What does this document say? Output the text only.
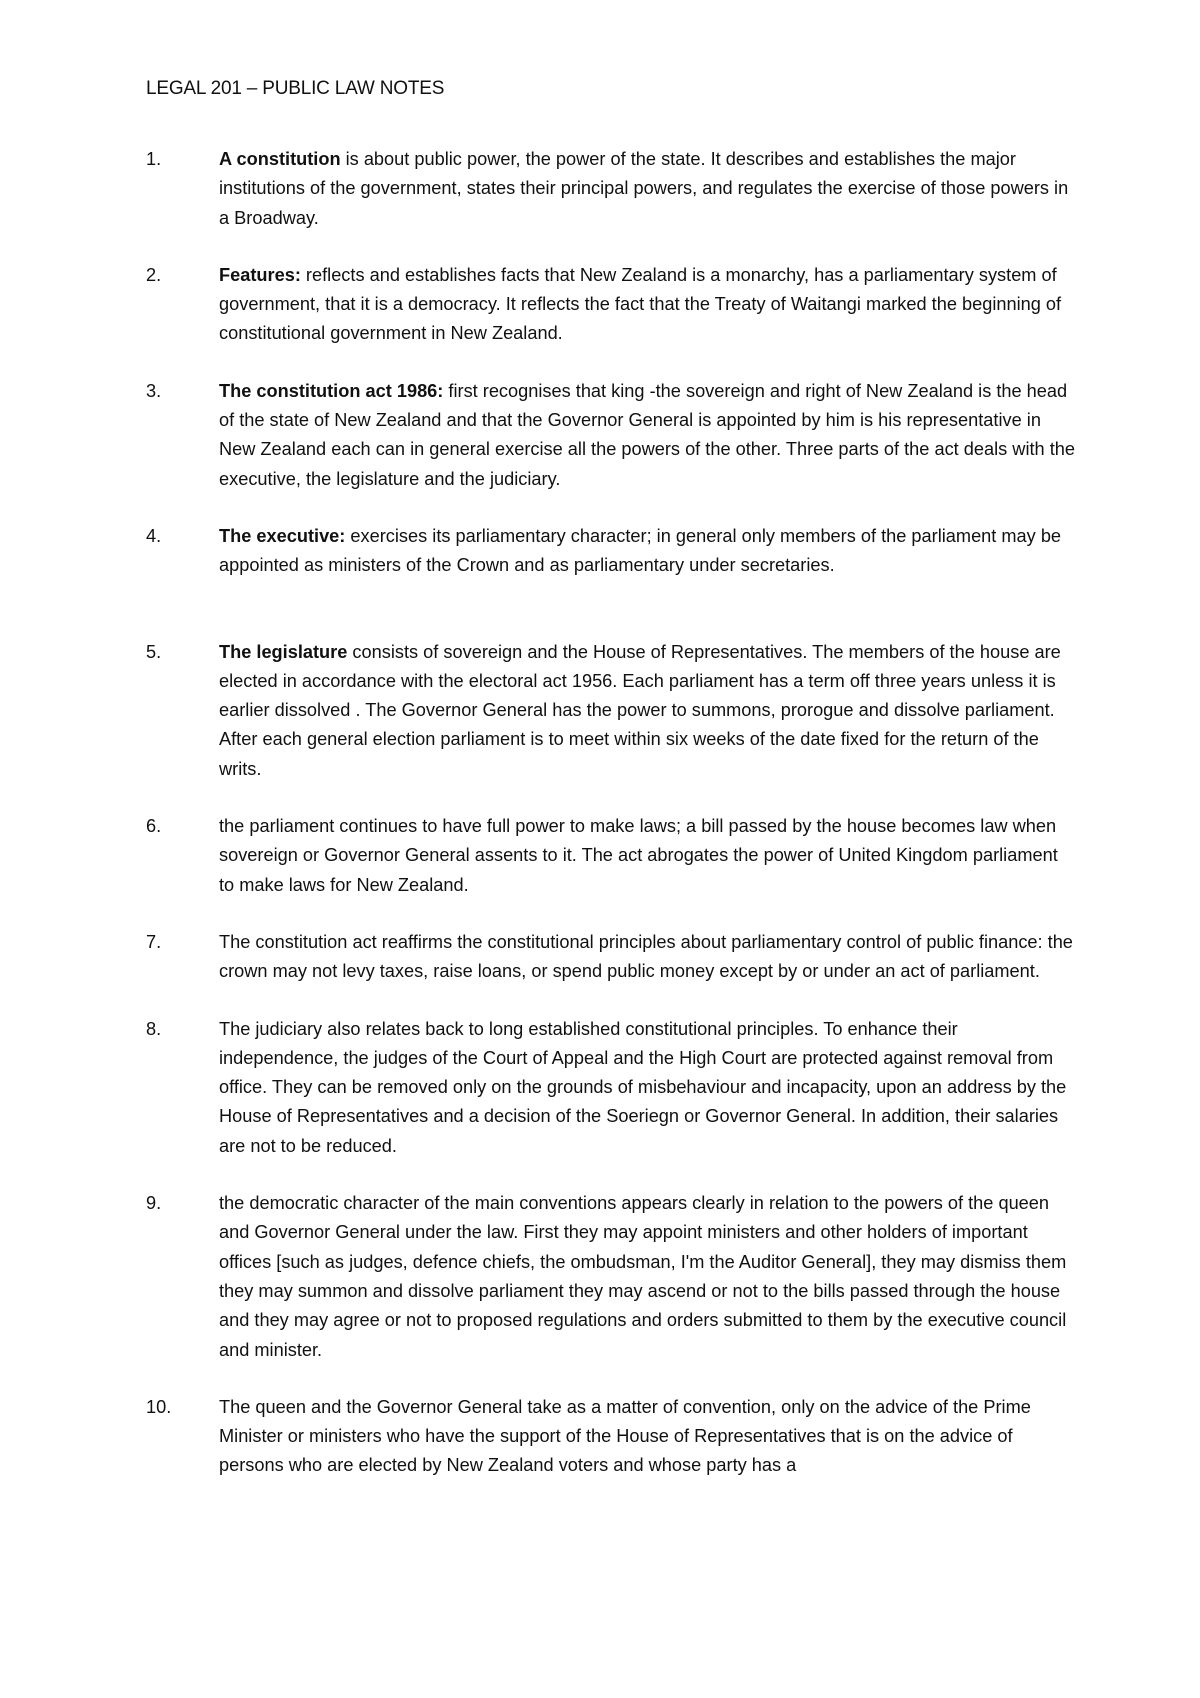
LEGAL 201 – PUBLIC LAW NOTES
1.	A constitution is about public power, the power of the state. It describes and establishes the major institutions of the government, states their principal powers, and regulates the exercise of those powers in a Broadway.
2.	Features: reflects and establishes facts that New Zealand is a monarchy, has a parliamentary system of government, that it is a democracy. It reflects the fact that the Treaty of Waitangi marked the beginning of constitutional government in New Zealand.
3.	The constitution act 1986: first recognises that king -the sovereign and right of New Zealand is the head of the state of New Zealand and that the Governor General is appointed by him is his representative in New Zealand each can in general exercise all the powers of the other. Three parts of the act deals with the executive, the legislature and the judiciary.
4.	The executive: exercises its parliamentary character; in general only members of the parliament may be appointed as ministers of the Crown and as parliamentary under secretaries.
5.	The legislature consists of sovereign and the House of Representatives. The members of the house are elected in accordance with the electoral act 1956. Each parliament has a term off three years unless it is earlier dissolved . The Governor General has the power to summons, prorogue and dissolve parliament. After each general election parliament is to meet within six weeks of the date fixed for the return of the writs.
6.	the parliament continues to have full power to make laws; a bill passed by the house becomes law when sovereign or Governor General assents to it. The act abrogates the power of United Kingdom parliament to make laws for New Zealand.
7.	The constitution act reaffirms the constitutional principles about parliamentary control of public finance: the crown may not levy taxes, raise loans, or spend public money except by or under an act of parliament.
8.	The judiciary also relates back to long established constitutional principles. To enhance their independence, the judges of the Court of Appeal and the High Court are protected against removal from office. They can be removed only on the grounds of misbehaviour and incapacity, upon an address by the House of Representatives and a decision of the Soeriegn or Governor General. In addition, their salaries are not to be reduced.
9.	the democratic character of the main conventions appears clearly in relation to the powers of the queen and Governor General under the law. First they may appoint ministers and other holders of important offices [such as judges, defence chiefs, the ombudsman, I'm the Auditor General], they may dismiss them they may summon and dissolve parliament they may ascend or not to the bills passed through the house and they may agree or not to proposed regulations and orders submitted to them by the executive council and minister.
10.	The queen and the Governor General take as a matter of convention, only on the advice of the Prime Minister or ministers who have the support of the House of Representatives that is on the advice of persons who are elected by New Zealand voters and whose party has a
